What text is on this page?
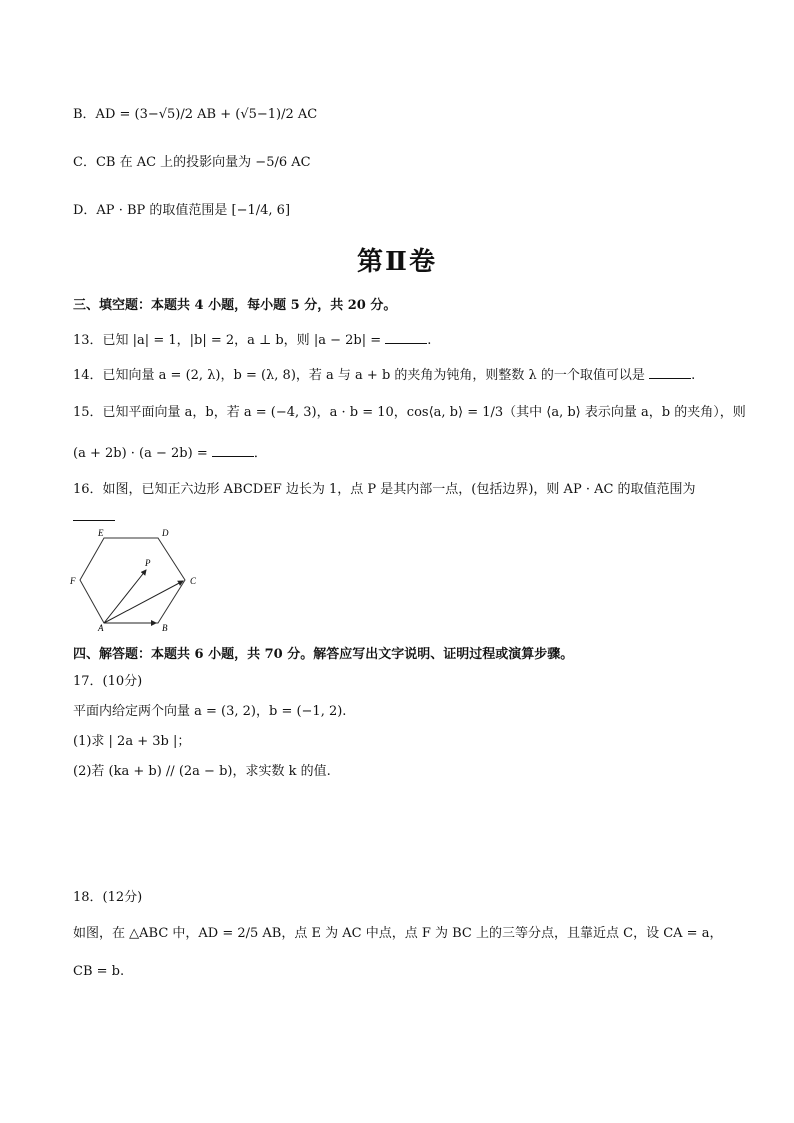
B．AD = (3−√5)/2 AB + (√5−1)/2 AC
C．CB 在 AC 上的投影向量为 −5/6 AC
D．AP · BP 的取值范围是 [−1/4, 6]
第Ⅱ卷
三、填空题：本题共 4 小题，每小题 5 分，共 20 分。
13．已知 |a| = 1，|b| = 2，a ⊥ b，则 |a − 2b| =	.
14．已知向量 a = (2, λ)，b = (λ, 8)，若 a 与 a + b 的夹角为钝角，则整数 λ 的一个取值可以是	.
15．已知平面向量 a，b，若 a = (−4, 3)，a · b = 10，cos⟨a, b⟩ = 1/3（其中 ⟨a, b⟩ 表示向量 a，b 的夹角），则
(a + 2b) · (a − 2b) =	．
16．如图，已知正六边形 ABCDEF 边长为 1，点 P 是其内部一点，(包括边界)，则 AP · AC 的取值范围为
A	B
C
D
E
F
P
四、解答题：本题共 6 小题，共 70 分。解答应写出文字说明、证明过程或演算步骤。
17．(10分)
平面内给定两个向量 a = (3, 2)，b = (−1, 2).
(1)求 | 2a + 3b |；
(2)若 (ka + b) // (2a − b)，求实数 k 的值.
18．(12分)
如图，在 △ABC 中，AD = 2/5 AB，点 E 为 AC 中点，点 F 为 BC 上的三等分点，且靠近点 C，设 CA = a，
CB = b.
